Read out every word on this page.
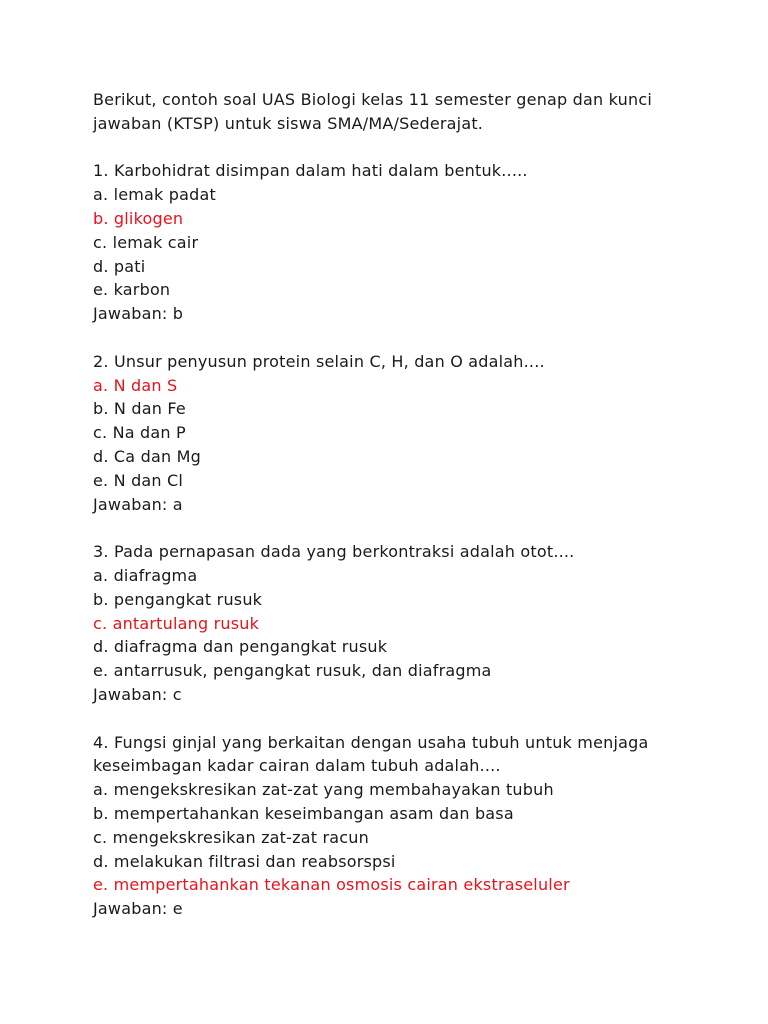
Berikut, contoh soal UAS Biologi kelas 11 semester genap dan kunci
jawaban (KTSP) untuk siswa SMA/MA/Sederajat.
1. Karbohidrat disimpan dalam hati dalam bentuk.....
a. lemak padat
b. glikogen
c. lemak cair
d. pati
e. karbon
Jawaban: b
2. Unsur penyusun protein selain C, H, dan O adalah....
a. N dan S
b. N dan Fe
c. Na dan P
d. Ca dan Mg
e. N dan Cl
Jawaban: a
3. Pada pernapasan dada yang berkontraksi adalah otot....
a. diafragma
b. pengangkat rusuk
c. antartulang rusuk
d. diafragma dan pengangkat rusuk
e. antarrusuk, pengangkat rusuk, dan diafragma
Jawaban: c
4. Fungsi ginjal yang berkaitan dengan usaha tubuh untuk menjaga
keseimbagan kadar cairan dalam tubuh adalah....
a. mengekskresikan zat-zat yang membahayakan tubuh
b. mempertahankan keseimbangan asam dan basa
c. mengekskresikan zat-zat racun
d. melakukan filtrasi dan reabsorspsi
e. mempertahankan tekanan osmosis cairan ekstraseluler
Jawaban: e
